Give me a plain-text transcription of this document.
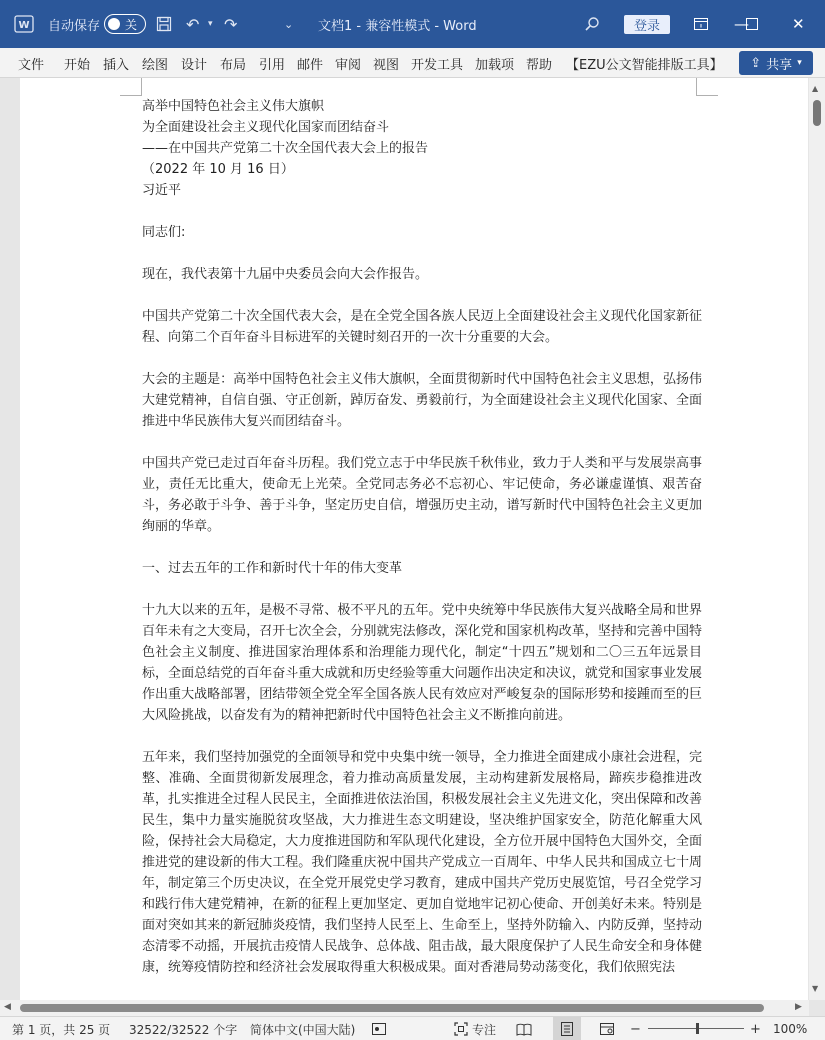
W 自动保存 关	↶ ▾ ↷	⌄ 文档1 - 兼容性模式 - Word	登录	—	✕
文件 开始 插入 绘图 设计 布局 引用 邮件 审阅 视图 开发工具 加载项 帮助 【EZU公文智能排版工具】 ⇪ 共享 ▾

高举中国特色社会主义伟大旗帜

为全面建设社会主义现代化国家而团结奋斗

——在中国共产党第二十次全国代表大会上的报告

（2022 年 10 月 16 日）

习近平

同志们:

现在，我代表第十九届中央委员会向大会作报告。

中国共产党第二十次全国代表大会，是在全党全国各族人民迈上全面建设社会主义现代化国家新征程、向第二个百年奋斗目标进军的关键时刻召开的一次十分重要的大会。

大会的主题是：高举中国特色社会主义伟大旗帜，全面贯彻新时代中国特色社会主义思想，弘扬伟大建党精神，自信自强、守正创新，踔厉奋发、勇毅前行，为全面建设社会主义现代化国家、全面推进中华民族伟大复兴而团结奋斗。

中国共产党已走过百年奋斗历程。我们党立志于中华民族千秋伟业，致力于人类和平与发展崇高事业，责任无比重大，使命无上光荣。全党同志务必不忘初心、牢记使命，务必谦虚谨慎、艰苦奋斗，务必敢于斗争、善于斗争，坚定历史自信，增强历史主动，谱写新时代中国特色社会主义更加绚丽的华章。

一、过去五年的工作和新时代十年的伟大变革

十九大以来的五年，是极不寻常、极不平凡的五年。党中央统筹中华民族伟大复兴战略全局和世界百年未有之大变局，召开七次全会，分别就宪法修改，深化党和国家机构改革，坚持和完善中国特色社会主义制度、推进国家治理体系和治理能力现代化，制定“十四五”规划和二〇三五年远景目标，全面总结党的百年奋斗重大成就和历史经验等重大问题作出决定和决议，就党和国家事业发展作出重大战略部署，团结带领全党全军全国各族人民有效应对严峻复杂的国际形势和接踵而至的巨大风险挑战，以奋发有为的精神把新时代中国特色社会主义不断推向前进。

五年来，我们坚持加强党的全面领导和党中央集中统一领导，全力推进全面建成小康社会进程，完整、准确、全面贯彻新发展理念，着力推动高质量发展，主动构建新发展格局，蹄疾步稳推进改革，扎实推进全过程人民民主，全面推进依法治国，积极发展社会主义先进文化，突出保障和改善民生，集中力量实施脱贫攻坚战，大力推进生态文明建设，坚决维护国家安全，防范化解重大风险，保持社会大局稳定，大力度推进国防和军队现代化建设，全方位开展中国特色大国外交，全面推进党的建设新的伟大工程。我们隆重庆祝中国共产党成立一百周年、中华人民共和国成立七十周年，制定第三个历史决议，在全党开展党史学习教育，建成中国共产党历史展览馆，号召全党学习和践行伟大建党精神，在新的征程上更加坚定、更加自觉地牢记初心使命、开创美好未来。特别是面对突如其来的新冠肺炎疫情，我们坚持人民至上、生命至上，坚持外防输入、内防反弹，坚持动态清零不动摇，开展抗击疫情人民战争、总体战、阻击战，最大限度保护了人民生命安全和身体健康，统筹疫情防控和经济社会发展取得重大积极成果。面对香港局势动荡变化，我们依照宪法

▲
▼
◀	▶
第 1 页，共 25 页 32522/32522 个字 简体中文(中国大陆)	专注	−	+ 100%
